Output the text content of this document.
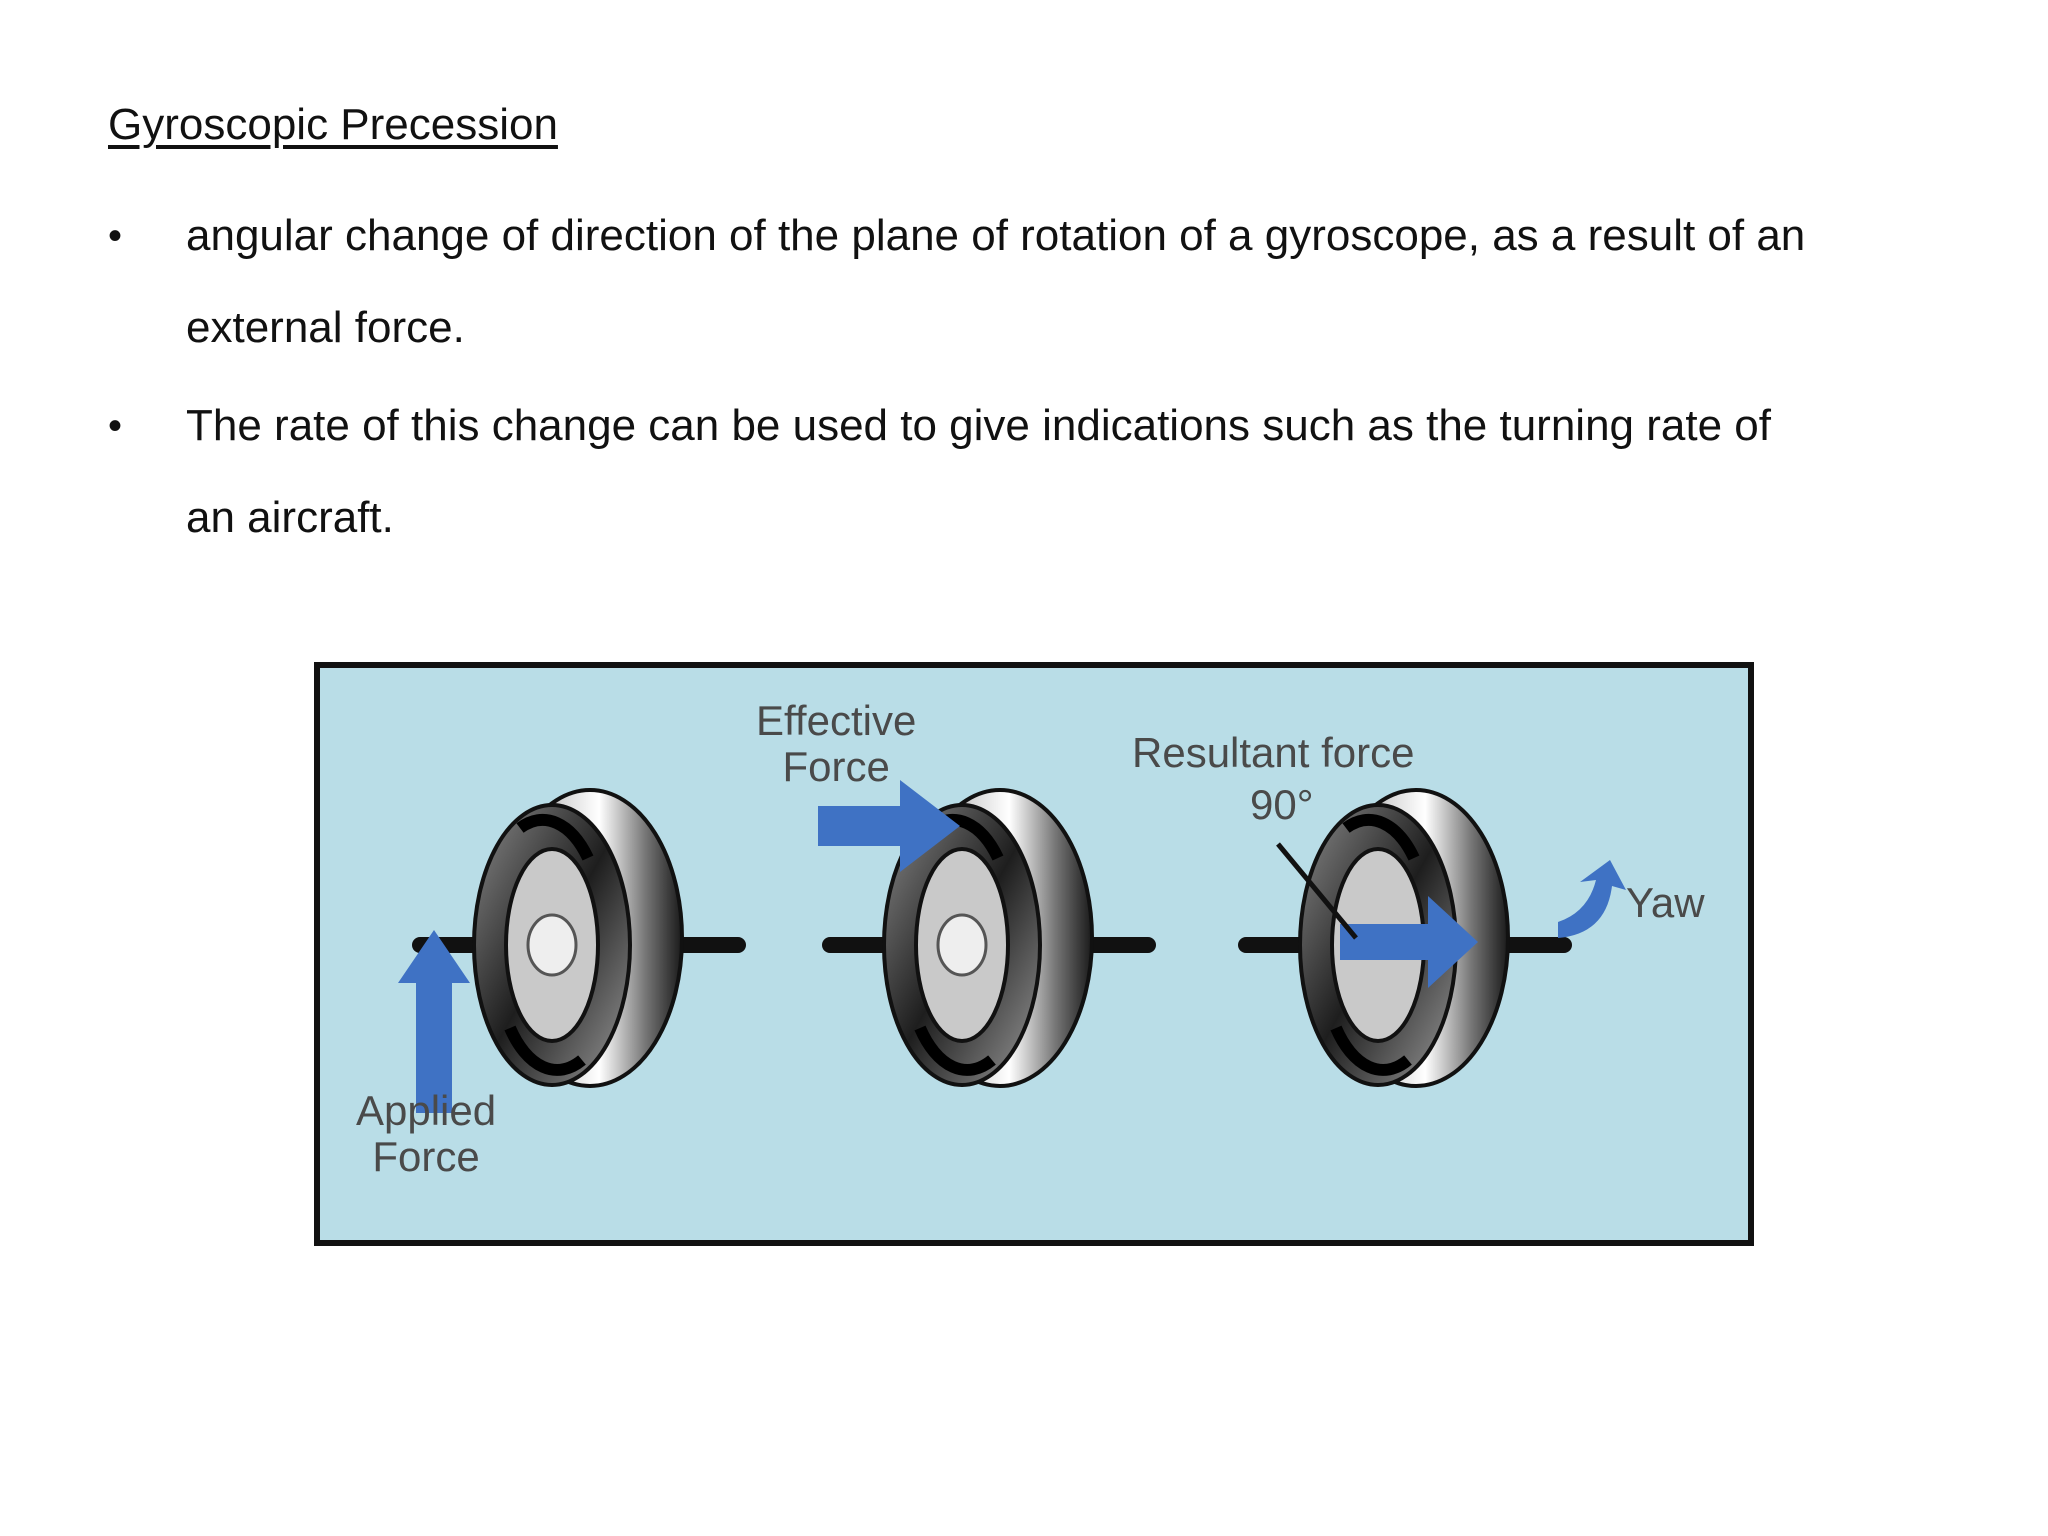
Gyroscopic Precession
•	angular change of direction of the plane of rotation of a gyroscope, as a result of an external force.
•	The rate of this change can be used to give indications such as the turning rate of an aircraft.
Applied
Force
Effective
Force	Resultant force
90°
Yaw
